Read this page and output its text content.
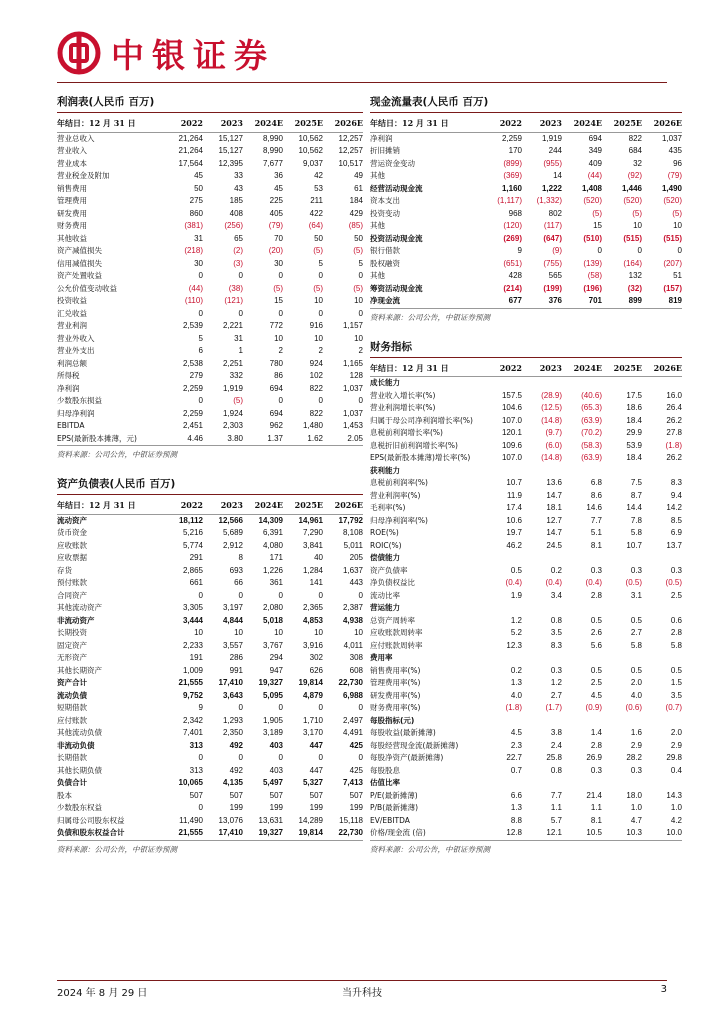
中银证券
利润表(人民币 百万)
年结日：12 月 31 日	2022	2023	2024E	2025E	2026E
营业总收入	21,264	15,127	8,990	10,562	12,257
营业收入	21,264	15,127	8,990	10,562	12,257
营业成本	17,564	12,395	7,677	9,037	10,517
营业税金及附加	45	33	36	42	49
销售费用	50	43	45	53	61
管理费用	275	185	225	211	184
研发费用	860	408	405	422	429
财务费用	(381)	(256)	(79)	(64)	(85)
其他收益	31	65	70	50	50
资产减值损失	(218)	(2)	(20)	(5)	(5)
信用减值损失	30	(3)	30	5	5
资产处置收益	0	0	0	0	0
公允价值变动收益	(44)	(38)	(5)	(5)	(5)
投资收益	(110)	(121)	15	10	10
汇兑收益	0	0	0	0	0
营业利润	2,539	2,221	772	916	1,157
营业外收入	5	31	10	10	10
营业外支出	6	1	2	2	2
利润总额	2,538	2,251	780	924	1,165
所得税	279	332	86	102	128
净利润	2,259	1,919	694	822	1,037
少数股东损益	0	(5)	0	0	0
归母净利润	2,259	1,924	694	822	1,037
EBITDA	2,451	2,303	962	1,480	1,453
EPS(最新股本摊薄，元)	4.46	3.80	1.37	1.62	2.05
资料来源：公司公告，中银证券预测
资产负债表(人民币 百万)
年结日：12 月 31 日	2022	2023	2024E	2025E	2026E
流动资产	18,112	12,566	14,309	14,961	17,792
货币资金	5,216	5,689	6,391	7,290	8,108
应收账款	5,774	2,912	4,080	3,841	5,011
应收票据	291	8	171	40	205
存货	2,865	693	1,226	1,284	1,637
预付账款	661	66	361	141	443
合同资产	0	0	0	0	0
其他流动资产	3,305	3,197	2,080	2,365	2,387
非流动资产	3,444	4,844	5,018	4,853	4,938
长期投资	10	10	10	10	10
固定资产	2,233	3,557	3,767	3,916	4,011
无形资产	191	286	294	302	308
其他长期资产	1,009	991	947	626	608
资产合计	21,555	17,410	19,327	19,814	22,730
流动负债	9,752	3,643	5,095	4,879	6,988
短期借款	9	0	0	0	0
应付账款	2,342	1,293	1,905	1,710	2,497
其他流动负债	7,401	2,350	3,189	3,170	4,491
非流动负债	313	492	403	447	425
长期借款	0	0	0	0	0
其他长期负债	313	492	403	447	425
负债合计	10,065	4,135	5,497	5,327	7,413
股本	507	507	507	507	507
少数股东权益	0	199	199	199	199
归属母公司股东权益	11,490	13,076	13,631	14,289	15,118
负债和股东权益合计	21,555	17,410	19,327	19,814	22,730
资料来源：公司公告，中银证券预测
现金流量表(人民币 百万)
年结日：12 月 31 日	2022	2023	2024E	2025E	2026E
净利润	2,259	1,919	694	822	1,037
折旧摊销	170	244	349	684	435
营运资金变动	(899)	(955)	409	32	96
其他	(369)	14	(44)	(92)	(79)
经营活动现金流	1,160	1,222	1,408	1,446	1,490
资本支出	(1,117)	(1,332)	(520)	(520)	(520)
投资变动	968	802	(5)	(5)	(5)
其他	(120)	(117)	15	10	10
投资活动现金流	(269)	(647)	(510)	(515)	(515)
银行借款	9	(9)	0	0	0
股权融资	(651)	(755)	(139)	(164)	(207)
其他	428	565	(58)	132	51
筹资活动现金流	(214)	(199)	(196)	(32)	(157)
净现金流	677	376	701	899	819
资料来源：公司公告，中银证券预测
财务指标
年结日：12 月 31 日	2022	2023	2024E	2025E	2026E
成长能力					
营业收入增长率(%)	157.5	(28.9)	(40.6)	17.5	16.0
营业利润增长率(%)	104.6	(12.5)	(65.3)	18.6	26.4
归属于母公司净利润增长率(%)	107.0	(14.8)	(63.9)	18.4	26.2
息税前利润增长率(%)	120.1	(9.7)	(70.2)	29.9	27.8
息税折旧前利润增长率(%)	109.6	(6.0)	(58.3)	53.9	(1.8)
EPS(最新股本摊薄)增长率(%)	107.0	(14.8)	(63.9)	18.4	26.2
获利能力					
息税前利润率(%)	10.7	13.6	6.8	7.5	8.3
营业利润率(%)	11.9	14.7	8.6	8.7	9.4
毛利率(%)	17.4	18.1	14.6	14.4	14.2
归母净利润率(%)	10.6	12.7	7.7	7.8	8.5
ROE(%)	19.7	14.7	5.1	5.8	6.9
ROIC(%)	46.2	24.5	8.1	10.7	13.7
偿债能力					
资产负债率	0.5	0.2	0.3	0.3	0.3
净负债权益比	(0.4)	(0.4)	(0.4)	(0.5)	(0.5)
流动比率	1.9	3.4	2.8	3.1	2.5
营运能力					
总资产周转率	1.2	0.8	0.5	0.5	0.6
应收账款周转率	5.2	3.5	2.6	2.7	2.8
应付账款周转率	12.3	8.3	5.6	5.8	5.8
费用率					
销售费用率(%)	0.2	0.3	0.5	0.5	0.5
管理费用率(%)	1.3	1.2	2.5	2.0	1.5
研发费用率(%)	4.0	2.7	4.5	4.0	3.5
财务费用率(%)	(1.8)	(1.7)	(0.9)	(0.6)	(0.7)
每股指标(元)					
每股收益(最新摊薄)	4.5	3.8	1.4	1.6	2.0
每股经营现金流(最新摊薄)	2.3	2.4	2.8	2.9	2.9
每股净资产(最新摊薄)	22.7	25.8	26.9	28.2	29.8
每股股息	0.7	0.8	0.3	0.3	0.4
估值比率					
P/E(最新摊薄)	6.6	7.7	21.4	18.0	14.3
P/B(最新摊薄)	1.3	1.1	1.1	1.0	1.0
EV/EBITDA	8.8	5.7	8.1	4.7	4.2
价格/现金流 (倍)	12.8	12.1	10.5	10.3	10.0
资料来源：公司公告，中银证券预测
2024 年 8 月 29 日	当升科技	3
